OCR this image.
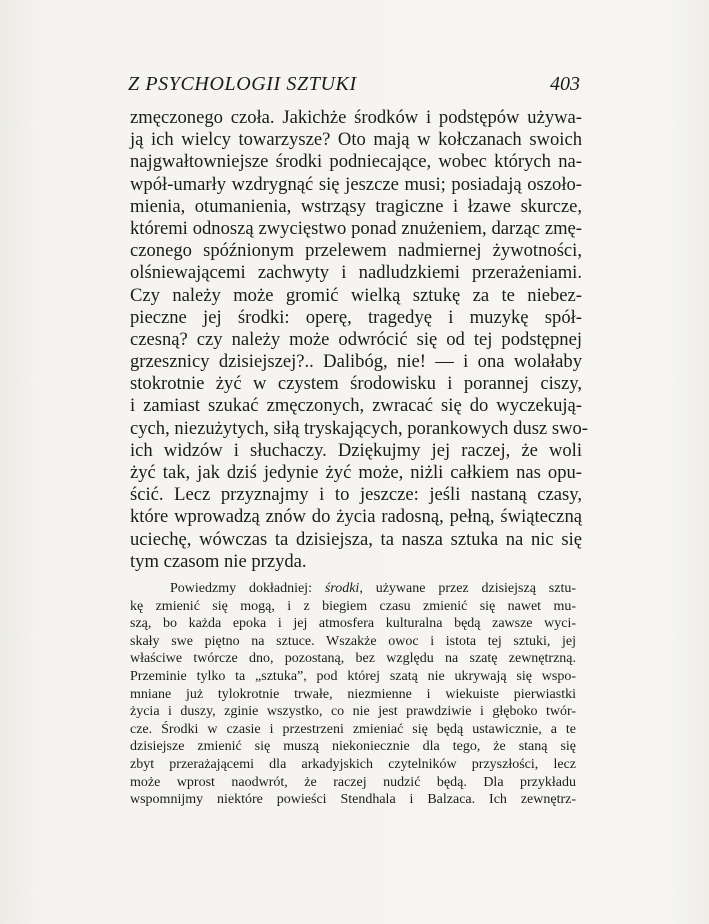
Z PSYCHOLOGII SZTUKI	403
zmęczonego czoła. Jakichże środków i podstępów używa-
ją ich wielcy towarzysze? Oto mają w kołczanach swoich
najgwałtowniejsze środki podniecające, wobec których na-
wpół-umarły wzdrygnąć się jeszcze musi; posiadają oszoło-
mienia, otumanienia, wstrząsy tragiczne i łzawe skurcze,
któremi odnoszą zwycięstwo ponad znużeniem, darząc zmę-
czonego spóźnionym przelewem nadmiernej żywotności,
olśniewającemi zachwyty i nadludzkiemi przerażeniami.
Czy należy może gromić wielką sztukę za te niebez-
pieczne jej środki: operę, tragedyę i muzykę spół-
czesną? czy należy może odwrócić się od tej podstępnej
grzesznicy dzisiejszej?.. Dalibóg, nie! — i ona wolałaby
stokrotnie żyć w czystem środowisku i porannej ciszy,
i zamiast szukać zmęczonych, zwracać się do wyczekują-
cych, niezużytych, siłą tryskających, porankowych dusz swo-
ich widzów i słuchaczy. Dziękujmy jej raczej, że woli
żyć tak, jak dziś jedynie żyć może, niżli całkiem nas opu-
ścić. Lecz przyznajmy i to jeszcze: jeśli nastaną czasy,
które wprowadzą znów do życia radosną, pełną, świąteczną
uciechę, wówczas ta dzisiejsza, ta nasza sztuka na nic się
tym czasom nie przyda.
Powiedzmy dokładniej: środki, używane przez dzisiejszą sztu-
kę zmienić się mogą, i z biegiem czasu zmienić się nawet mu-
szą, bo każda epoka i jej atmosfera kulturalna będą zawsze wyci-
skały swe piętno na sztuce. Wszakże owoc i istota tej sztuki, jej
właściwe twórcze dno, pozostaną, bez względu na szatę zewnętrzną.
Przeminie tylko ta „sztuka”, pod której szatą nie ukrywają się wspo-
mniane już tylokrotnie trwałe, niezmienne i wiekuiste pierwiastki
życia i duszy, zginie wszystko, co nie jest prawdziwie i głęboko twór-
cze. Środki w czasie i przestrzeni zmieniać się będą ustawicznie, a te
dzisiejsze zmienić się muszą niekoniecznie dla tego, że staną się
zbyt przerażającemi dla arkadyjskich czytelników przyszłości, lecz
może wprost naodwrót, że raczej nudzić będą. Dla przykładu
wspomnijmy niektóre powieści Stendhala i Balzaca. Ich zewnętrz-
